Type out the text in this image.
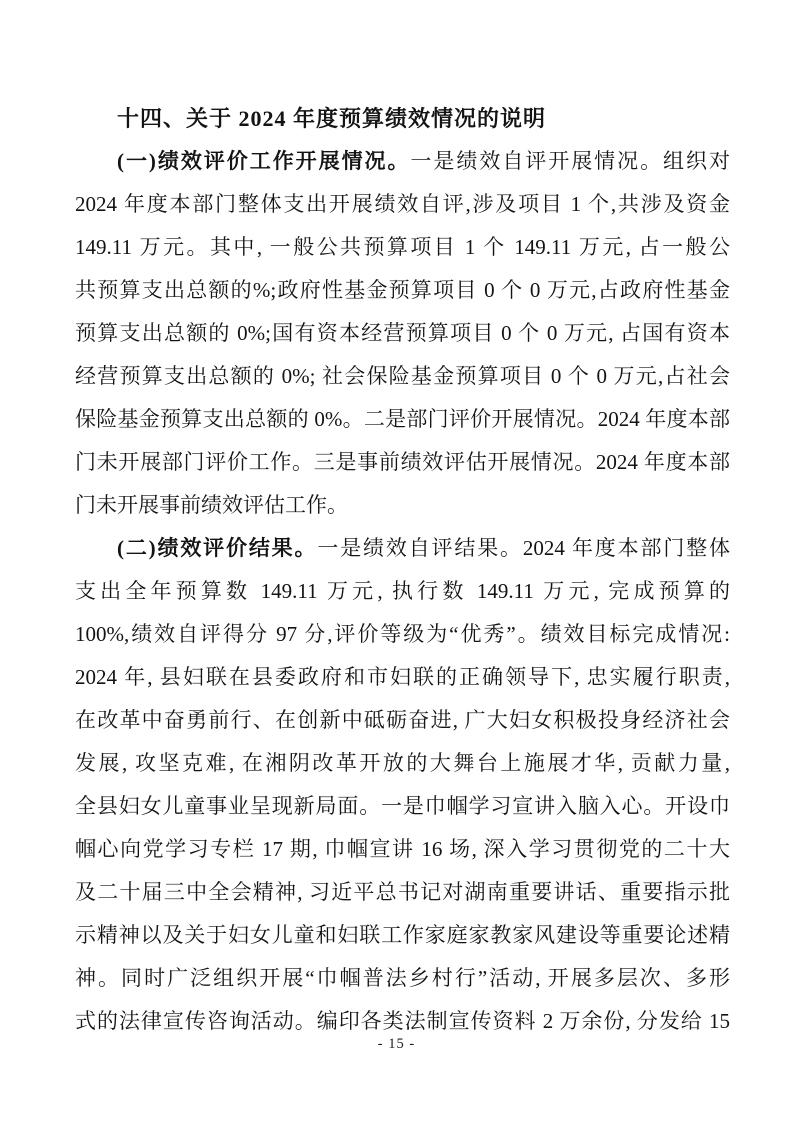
十四、关于 2024 年度预算绩效情况的说明

(一)绩效评价工作开展情况。一是绩效自评开展情况。组织对

2024 年度本部门整体支出开展绩效自评,涉及项目 1 个,共涉及资金

149.11 万元。其中, 一般公共预算项目 1 个 149.11 万元, 占一般公

共预算支出总额的%;政府性基金预算项目 0 个 0 万元,占政府性基金

预算支出总额的 0%;国有资本经营预算项目 0 个 0 万元, 占国有资本

经营预算支出总额的 0%; 社会保险基金预算项目 0 个 0 万元,占社会

保险基金预算支出总额的 0%。二是部门评价开展情况。2024 年度本部

门未开展部门评价工作。三是事前绩效评估开展情况。2024 年度本部

门未开展事前绩效评估工作。

(二)绩效评价结果。一是绩效自评结果。2024 年度本部门整体

支出全年预算数 149.11 万元, 执行数 149.11 万元, 完成预算的

100%,绩效自评得分 97 分,评价等级为“优秀”。绩效目标完成情况:

2024 年, 县妇联在县委政府和市妇联的正确领导下, 忠实履行职责,

在改革中奋勇前行、在创新中砥砺奋进, 广大妇女积极投身经济社会

发展, 攻坚克难, 在湘阴改革开放的大舞台上施展才华, 贡献力量,

全县妇女儿童事业呈现新局面。一是巾帼学习宣讲入脑入心。开设巾

帼心向党学习专栏 17 期, 巾帼宣讲 16 场, 深入学习贯彻党的二十大

及二十届三中全会精神, 习近平总书记对湖南重要讲话、重要指示批

示精神以及关于妇女儿童和妇联工作家庭家教家风建设等重要论述精

神。同时广泛组织开展“巾帼普法乡村行”活动, 开展多层次、多形

式的法律宣传咨询活动。编印各类法制宣传资料 2 万余份, 分发给 15

- 15 -
